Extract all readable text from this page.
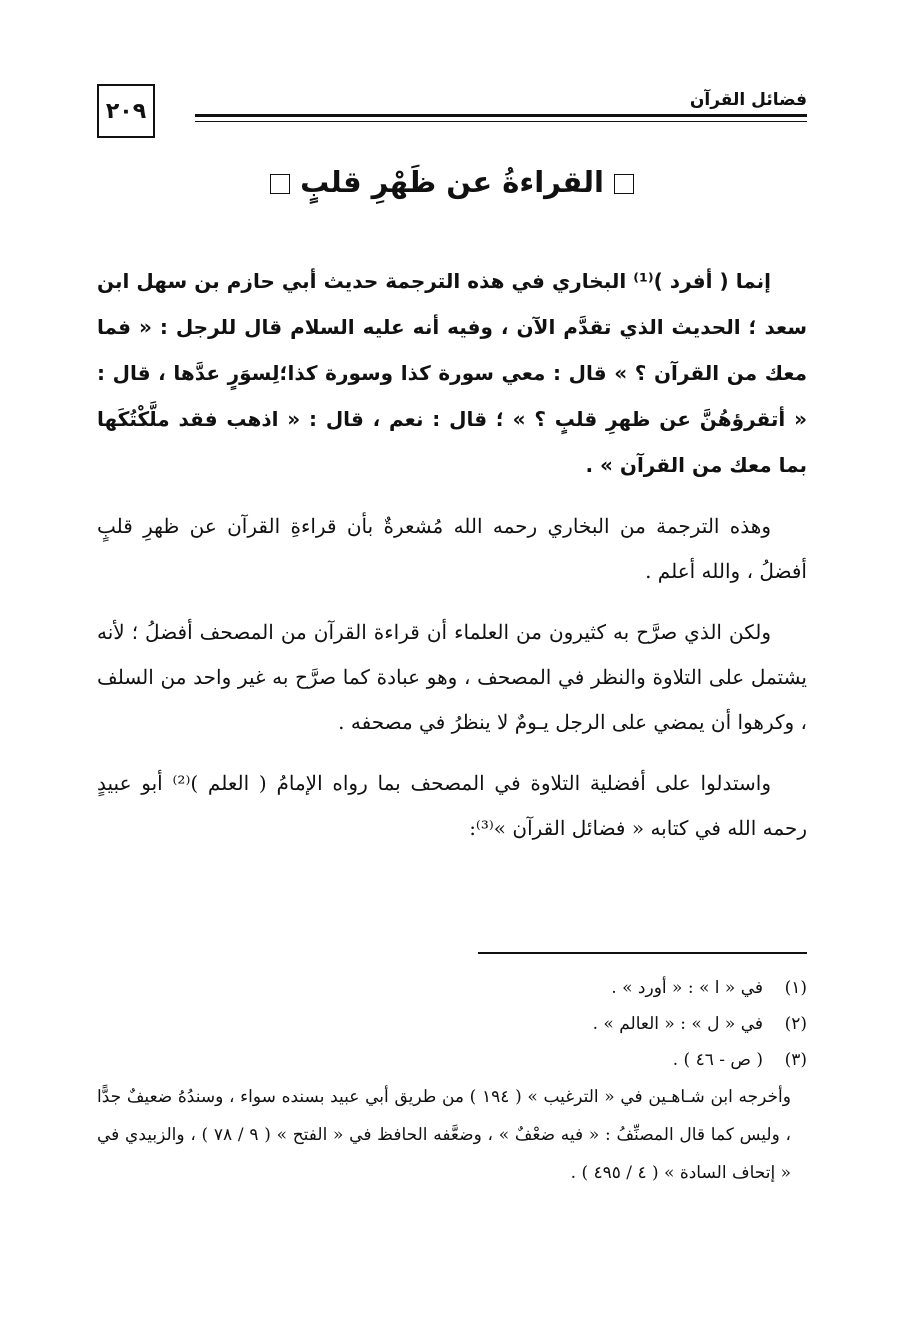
٢٠٩	فضائل القرآن
القراءةُ عن ظَهْرِ قلبٍ

إنما ( أفرد )⁽¹⁾ البخاري في هذه الترجمة حديث أبي حازم بن سهل ابن سعد ؛ الحديث الذي تقدَّم الآن ، وفيه أنه عليه السلام قال للرجل : « فما معك من القرآن ؟ » قال : معي سورة كذا وسورة كذا؛لِسوَرٍ عدَّها ، قال : « أتقرؤهُنَّ عن ظهرِ قلبٍ ؟ » ؛ قال : نعم ، قال : « اذهب فقد ملَّكْتُكَها بما معك من القرآن » .

وهذه الترجمة من البخاري رحمه الله مُشعرةٌ بأن قراءةِ القرآن عن ظهرِ قلبٍ أفضلُ ، والله أعلم .

ولكن الذي صرَّح به كثيرون من العلماء أن قراءة القرآن من المصحف أفضلُ ؛ لأنه يشتمل على التلاوة والنظر في المصحف ، وهو عبادة كما صرَّح به غير واحد من السلف ، وكرهوا أن يمضي على الرجل يـومٌ لا ينظرُ في مصحفه .

واستدلوا على أفضلية التلاوة في المصحف بما رواه الإمامُ ( العلم )⁽²⁾ أبو عبيدٍ رحمه الله في كتابه « فضائل القرآن »⁽³⁾:

(١)في « ا » : « أورد » .

(٢)في « ل » : « العالم » .

(٣)( ص - ٤٦ ) .

وأخرجه ابن شـاهـين في « الترغيب » ( ١٩٤ ) من طريق أبي عبيد بسنده سواء ، وسندُهُ ضعيفٌ جدًّا ، وليس كما قال المصنِّفُ : « فيه ضعْفٌ » ، وضعَّفه الحافظ في « الفتح » ( ٩ / ٧٨ ) ، والزبيدي في « إتحاف السادة » ( ٤ / ٤٩٥ ) .
